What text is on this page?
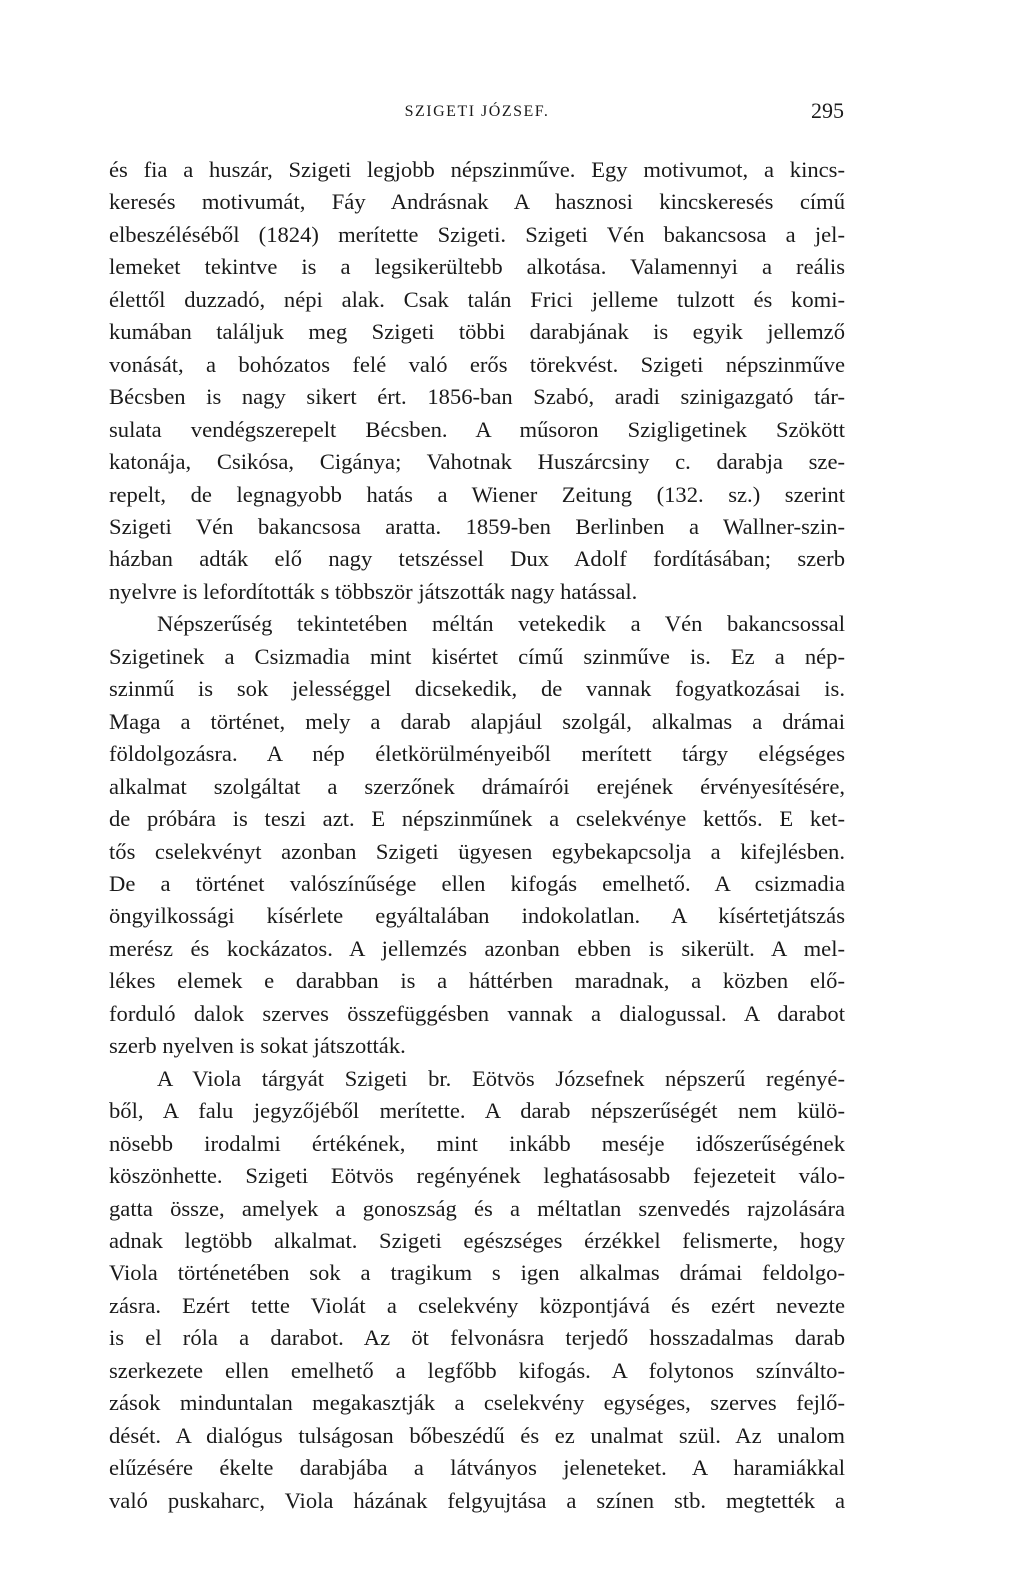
SZIGETI JÓZSEF.	295
és fia a huszár, Szigeti legjobb népszinműve. Egy motivumot, a kincs-
keresés motivumát, Fáy Andrásnak A hasznosi kincskeresés című
elbeszéléséből (1824) merítette Szigeti. Szigeti Vén bakancsosa a jel-
lemeket tekintve is a legsikerültebb alkotása. Valamennyi a reális
élettől duzzadó, népi alak. Csak talán Frici jelleme tulzott és komi-
kumában találjuk meg Szigeti többi darabjának is egyik jellemző
vonását, a bohózatos felé való erős törekvést. Szigeti népszinműve
Bécsben is nagy sikert ért. 1856-ban Szabó, aradi szinigazgató tár-
sulata vendégszerepelt Bécsben. A műsoron Szigligetinek Szökött
katonája, Csikósa, Cigánya; Vahotnak Huszárcsiny c. darabja sze-
repelt, de legnagyobb hatás a Wiener Zeitung (132. sz.) szerint
Szigeti Vén bakancsosa aratta. 1859-ben Berlinben a Wallner-szin-
házban adták elő nagy tetszéssel Dux Adolf fordításában; szerb
nyelvre is lefordították s többször játszották nagy hatással.
Népszerűség tekintetében méltán vetekedik a Vén bakancsossal
Szigetinek a Csizmadia mint kisértet című szinműve is. Ez a nép-
szinmű is sok jelességgel dicsekedik, de vannak fogyatkozásai is.
Maga a történet, mely a darab alapjául szolgál, alkalmas a drámai
földolgozásra. A nép életkörülményeiből merített tárgy elégséges
alkalmat szolgáltat a szerzőnek drámaírói erejének érvényesítésére,
de próbára is teszi azt. E népszinműnek a cselekvénye kettős. E ket-
tős cselekvényt azonban Szigeti ügyesen egybekapcsolja a kifejlésben.
De a történet valószínűsége ellen kifogás emelhető. A csizmadia
öngyilkossági kísérlete egyáltalában indokolatlan. A kísértetjátszás
merész és kockázatos. A jellemzés azonban ebben is sikerült. A mel-
lékes elemek e darabban is a háttérben maradnak, a közben elő-
forduló dalok szerves összefüggésben vannak a dialogussal. A darabot
szerb nyelven is sokat játszották.
A Viola tárgyát Szigeti br. Eötvös Józsefnek népszerű regényé-
ből, A falu jegyzőjéből merítette. A darab népszerűségét nem külö-
nösebb irodalmi értékének, mint inkább meséje időszerűségének
köszönhette. Szigeti Eötvös regényének leghatásosabb fejezeteit válo-
gatta össze, amelyek a gonoszság és a méltatlan szenvedés rajzolására
adnak legtöbb alkalmat. Szigeti egészséges érzékkel felismerte, hogy
Viola történetében sok a tragikum s igen alkalmas drámai feldolgo-
zásra. Ezért tette Violát a cselekvény központjává és ezért nevezte
is el róla a darabot. Az öt felvonásra terjedő hosszadalmas darab
szerkezete ellen emelhető a legfőbb kifogás. A folytonos színválto-
zások minduntalan megakasztják a cselekvény egységes, szerves fejlő-
dését. A dialógus tulságosan bőbeszédű és ez unalmat szül. Az unalom
elűzésére ékelte darabjába a látványos jeleneteket. A haramiákkal
való puskaharc, Viola házának felgyujtása a színen stb. megtették a
